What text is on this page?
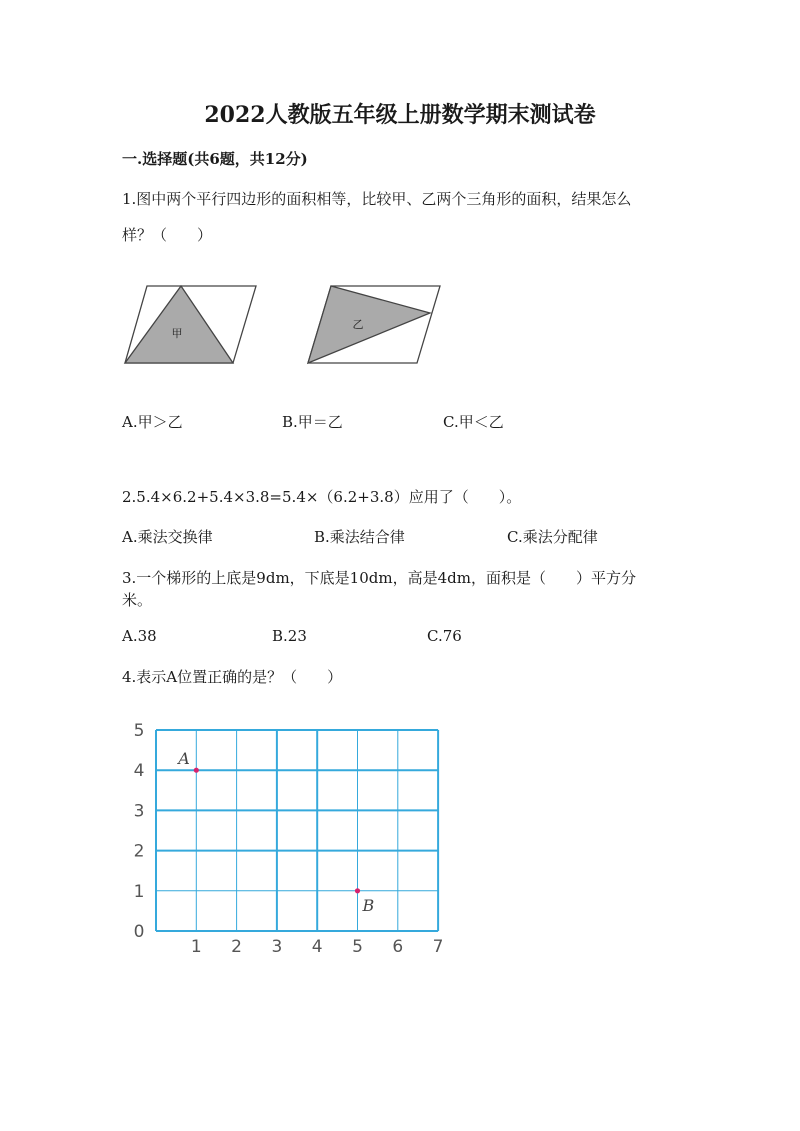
2022人教版五年级上册数学期末测试卷
一.选择题(共6题，共12分)
1.图中两个平行四边形的面积相等，比较甲、乙两个三角形的面积，结果怎么
样？（　　）
甲
乙
A.甲＞乙	B.甲＝乙	C.甲＜乙
2.5.4×6.2+5.4×3.8=5.4×（6.2+3.8）应用了（　　）。
A.乘法交换律	B.乘法结合律	C.乘法分配律
3.一个梯形的上底是9dm，下底是10dm，高是4dm，面积是（　　）平方分
米。
A.38	B.23	C.76
4.表示A位置正确的是？（　　）
1 2 3 4 5 6 7
0
1
2
3
4
5
A
B
